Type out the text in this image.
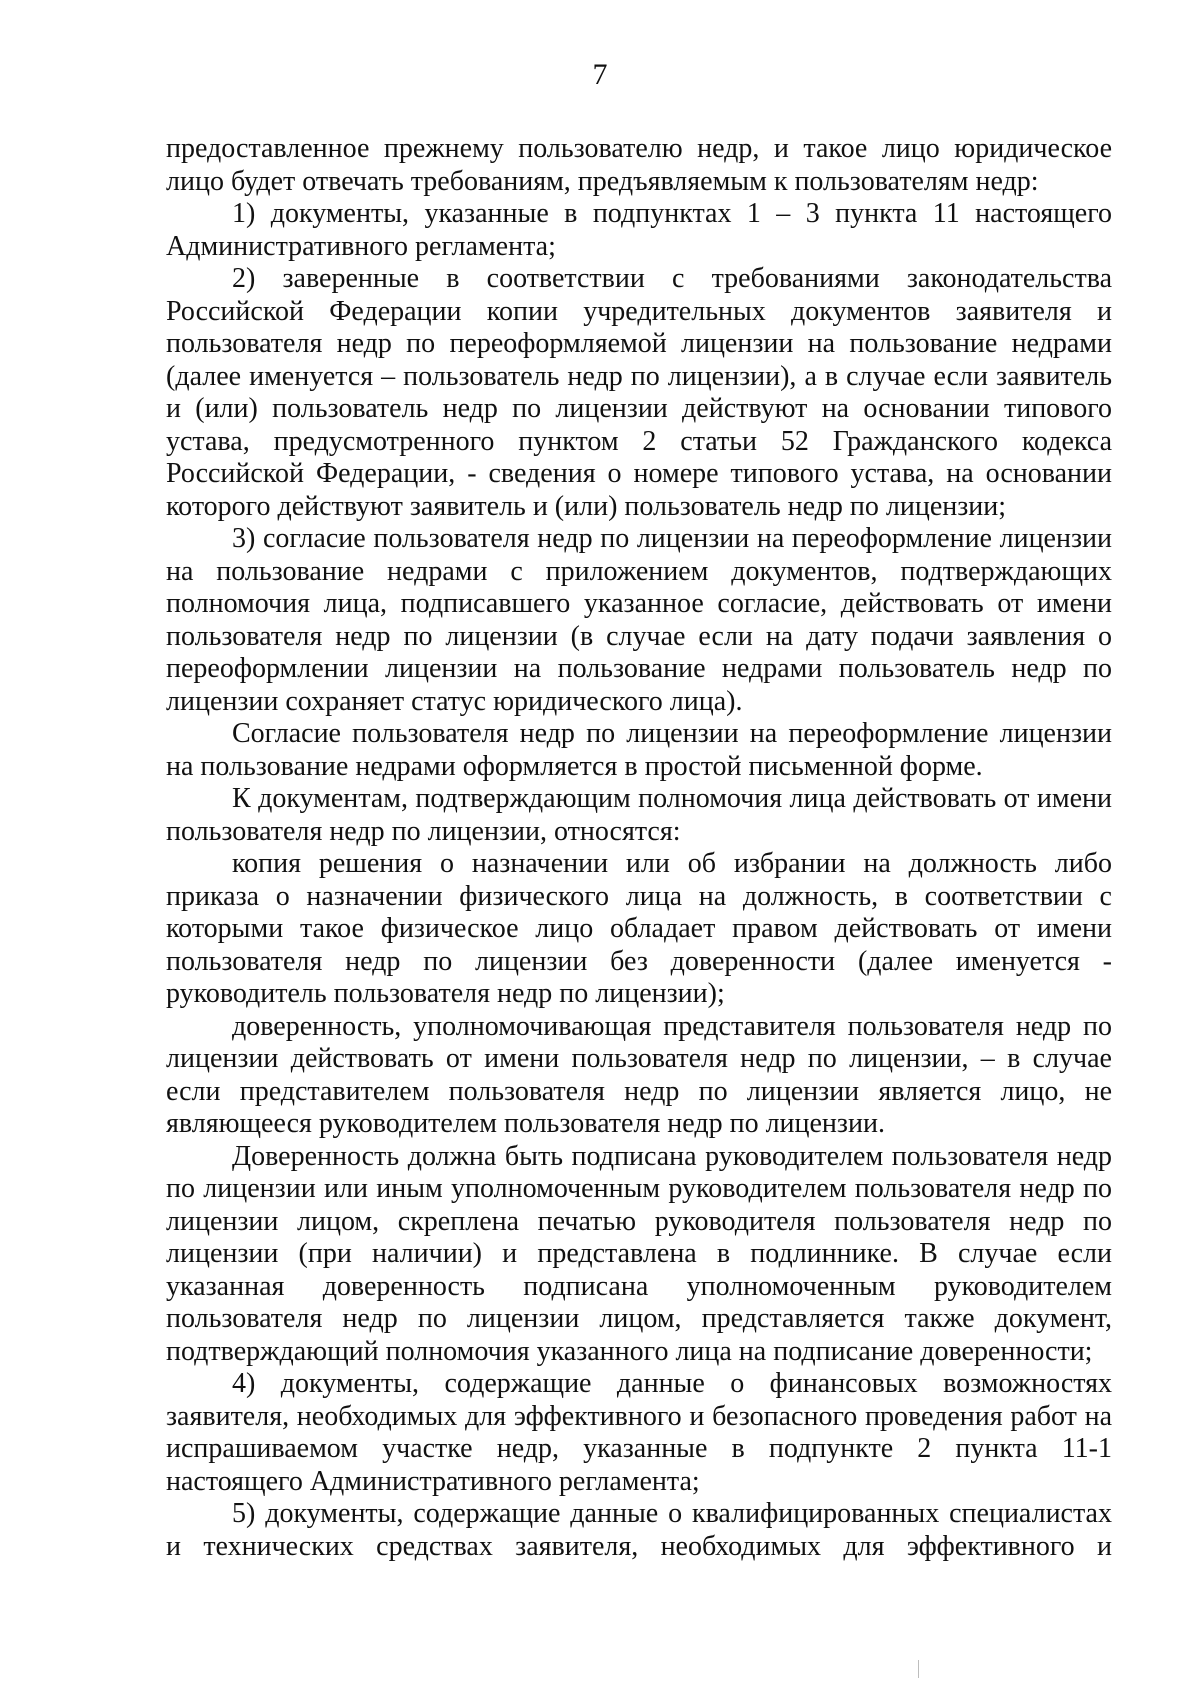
7

предоставленное прежнему пользователю недр, и такое лицо юридическое лицо будет отвечать требованиям, предъявляемым к пользователям недр:

1) документы, указанные в подпунктах 1 – 3 пункта 11 настоящего Административного регламента;

2) заверенные в соответствии с требованиями законодательства Российской Федерации копии учредительных документов заявителя и пользователя недр по переоформляемой лицензии на пользование недрами (далее именуется – пользователь недр по лицензии), а в случае если заявитель и (или) пользователь недр по лицензии действуют на основании типового устава, предусмотренного пунктом 2 статьи 52 Гражданского кодекса Российской Федерации, - сведения о номере типового устава, на основании которого действуют заявитель и (или) пользователь недр по лицензии;

3) согласие пользователя недр по лицензии на переоформление лицензии на пользование недрами с приложением документов, подтверждающих полномочия лица, подписавшего указанное согласие, действовать от имени пользователя недр по лицензии (в случае если на дату подачи заявления о переоформлении лицензии на пользование недрами пользователь недр по лицензии сохраняет статус юридического лица).

Согласие пользователя недр по лицензии на переоформление лицензии на пользование недрами оформляется в простой письменной форме.

К документам, подтверждающим полномочия лица действовать от имени пользователя недр по лицензии, относятся:

копия решения о назначении или об избрании на должность либо приказа о назначении физического лица на должность, в соответствии с которыми такое физическое лицо обладает правом действовать от имени пользователя недр по лицензии без доверенности (далее именуется - руководитель пользователя недр по лицензии);

доверенность, уполномочивающая представителя пользователя недр по лицензии действовать от имени пользователя недр по лицензии, – в случае если представителем пользователя недр по лицензии является лицо, не являющееся руководителем пользователя недр по лицензии.

Доверенность должна быть подписана руководителем пользователя недр по лицензии или иным уполномоченным руководителем пользователя недр по лицензии лицом, скреплена печатью руководителя пользователя недр по лицензии (при наличии) и представлена в подлиннике. В случае если указанная доверенность подписана уполномоченным руководителем пользователя недр по лицензии лицом, представляется также документ, подтверждающий полномочия указанного лица на подписание доверенности;

4) документы, содержащие данные о финансовых возможностях заявителя, необходимых для эффективного и безопасного проведения работ на испрашиваемом участке недр, указанные в подпункте 2 пункта 11-1 настоящего Административного регламента;

5) документы, содержащие данные о квалифицированных специалистах и технических средствах заявителя, необходимых для эффективного и
